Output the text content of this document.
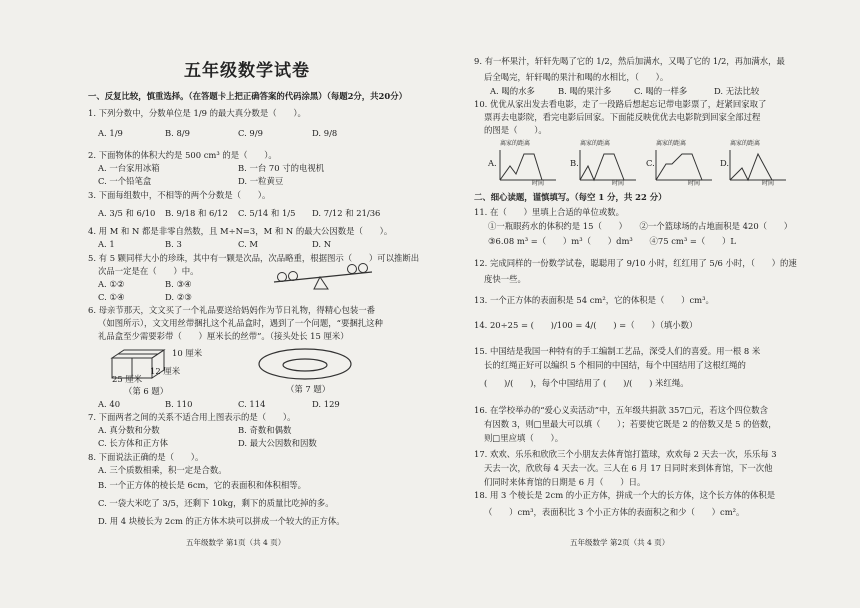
五年级数学试卷
一、反复比较，慎重选择。（在答题卡上把正确答案的代码涂黑）（每题2分，共20分）
1. 下列分数中，分数单位是 1/9 的最大真分数是（　　）。
A. 1/9	B. 8/9	C. 9/9	D. 9/8
2. 下面物体的体积大约是 500 cm³ 的是（　　）。
A. 一台家用冰箱	B. 一台 70 寸的电视机
C. 一个铅笔盒	D. 一粒黄豆
3. 下面每组数中，不相等的两个分数是（　　）。
A. 3/5 和 6/10 B. 9/18 和 6/12 C. 5/14 和 1/5 D. 7/12 和 21/36
4. 用 M 和 N 都是非零自然数，且 M÷N=3，M 和 N 的最大公因数是（　　）。
A. 1	B. 3	C. M	D. N
5. 有 5 颗同样大小的珍珠，其中有一颗是次品，次品略重，根据图示（　　）可以推断出
次品一定是在（　　）中。
A. ①②	B. ③④
C. ①④	D. ②③
6. 母亲节那天，文文买了一个礼品要送给妈妈作为节日礼物，得精心包装一番
（如图所示），文文用丝带捆扎这个礼品盒时，遇到了一个问题，“要捆扎这种
礼品盒至少需要彩带（　　）厘米长的丝带”。（接头处长 15 厘米）
10 厘米
12 厘米
25 厘米
（第 6 题）	（第 7 题）
A. 40	B. 110	C. 114	D. 129
7. 下面两者之间的关系不适合用上图表示的是（　　）。
A. 真分数和分数	B. 奇数和偶数
C. 长方体和正方体	D. 最大公因数和因数
8. 下面说法正确的是（　　）。
A. 三个质数相乘，积一定是合数。
B. 一个正方体的棱长是 6cm，它的表面积和体积相等。
C. 一袋大米吃了 3/5，还剩下 10kg，剩下的质量比吃掉的多。
D. 用 4 块棱长为 2cm 的正方体木块可以拼成一个较大的正方体。
五年级数学 第1页（共 4 页）
9. 有一杯果汁，轩轩先喝了它的 1/2，然后加满水，又喝了它的 1/2，再加满水，最
后全喝完，轩轩喝的果汁和喝的水相比，（　　）。
A. 喝的水多	B. 喝的果汁多	C. 喝的一样多	D. 无法比较
10. 优优从家出发去看电影，走了一段路后想起忘记带电影票了，赶紧回家取了
票再去电影院，看完电影后回家。下面能反映优优去电影院到回家全部过程
的图是（　　）。
A.	B.	C.	D.
离家的距离	离家的距离	离家的距离	离家的距离
时间	时间	时间	时间
二、细心读题，谨慎填写。（每空 1 分，共 22 分）
11. 在（　　）里填上合适的单位或数。
①一瓶眼药水的体积约是 15（　　）　　②一个篮球场的占地面积是 420（　　）
③6.08 m³ =（　　）m³（　　）dm³　　④75 cm³ =（　　）L
12. 完成同样的一份数学试卷，聪聪用了 9/10 小时，红红用了 5/6 小时，（　　）的速
度快一些。
13. 一个正方体的表面积是 54 cm²，它的体积是（　　）cm³。
14. 20÷25 = (　　)/100 = 4/(　　) =（　　）（填小数）
15. 中国结是我国一种特有的手工编制工艺品，深受人们的喜爱。用一根 8 米
长的红绳正好可以编织 5 个相同的中国结，每个中国结用了这根红绳的
(　　)/(　　)，每个中国结用了 (　　)/(　　) 米红绳。
16. 在学校举办的“爱心义卖活动”中，五年级共捐款 357□元，若这个四位数含
有因数 3，则□里最大可以填（　　）；若要使它既是 2 的倍数又是 5 的倍数，
则□里应填（　　）。
17. 欢欢、乐乐和欣欣三个小朋友去体育馆打篮球，欢欢每 2 天去一次，乐乐每 3
天去一次，欣欣每 4 天去一次。三人在 6 月 17 日同时来到体育馆，下一次他
们同时来体育馆的日期是 6 月（　　）日。
18. 用 3 个棱长是 2cm 的小正方体，拼成一个大的长方体，这个长方体的体积是
（　　）cm³，表面积比 3 个小正方体的表面积之和少（　　）cm²。
五年级数学 第2页（共 4 页）
